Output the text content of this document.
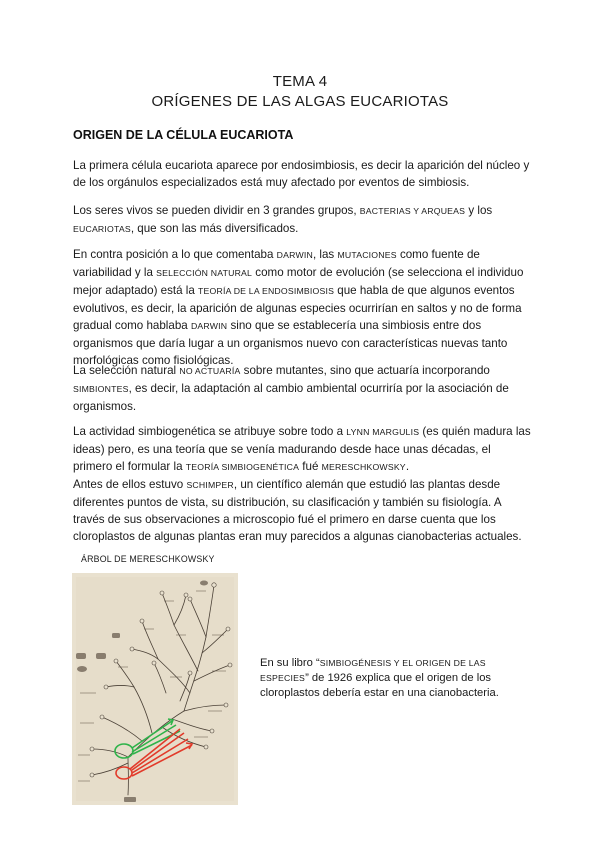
TEMA 4
ORÍGENES DE LAS ALGAS EUCARIOTAS
ORIGEN DE LA CÉLULA EUCARIOTA

La primera célula eucariota aparece por endosimbiosis, es decir la aparición del núcleo y de los orgánulos especializados está muy afectado por eventos de simbiosis.

Los seres vivos se pueden dividir en 3 grandes grupos, BACTERIAS Y ARQUEAS y los EUCARIOTAS, que son las más diversificados.

En contra posición a lo que comentaba DARWIN, las MUTACIONES como fuente de variabilidad y la SELECCIÓN NATURAL como motor de evolución (se selecciona el individuo mejor adaptado) está la TEORÍA DE LA ENDOSIMBIOSIS que habla de que algunos eventos evolutivos, es decir, la aparición de algunas especies ocurrirían en saltos y no de forma gradual como hablaba DARWIN sino que se establecería una simbiosis entre dos organismos que daría lugar a un organismos nuevo con características nuevas tanto morfológicas como fisiológicas.

La selección natural NO ACTUARÍA sobre mutantes, sino que actuaría incorporando SIMBIONTES, es decir, la adaptación al cambio ambiental ocurriría por la asociación de organismos.

La actividad simbiogenética se atribuye sobre todo a LYNN MARGULIS (es quién madura las ideas) pero, es una teoría que se venía madurando desde hace unas décadas, el primero el formular la TEORÍA SIMBIOGENÉTICA fué MERESCHKOWSKY.

Antes de ellos estuvo SCHIMPER, un científico alemán que estudió las plantas desde diferentes puntos de vista, su distribución, su clasificación y también su fisiología. A través de sus observaciones a microscopio fué el primero en darse cuenta que los cloroplastos de algunas plantas eran muy parecidos a algunas cianobacterias actuales.

ÁRBOL DE MERESCHKOWSKY

En su libro “SIMBIOGÉNESIS Y EL ORIGEN DE LAS ESPECIES” de 1926 explica que el origen de los cloroplastos debería estar en una cianobacteria.
